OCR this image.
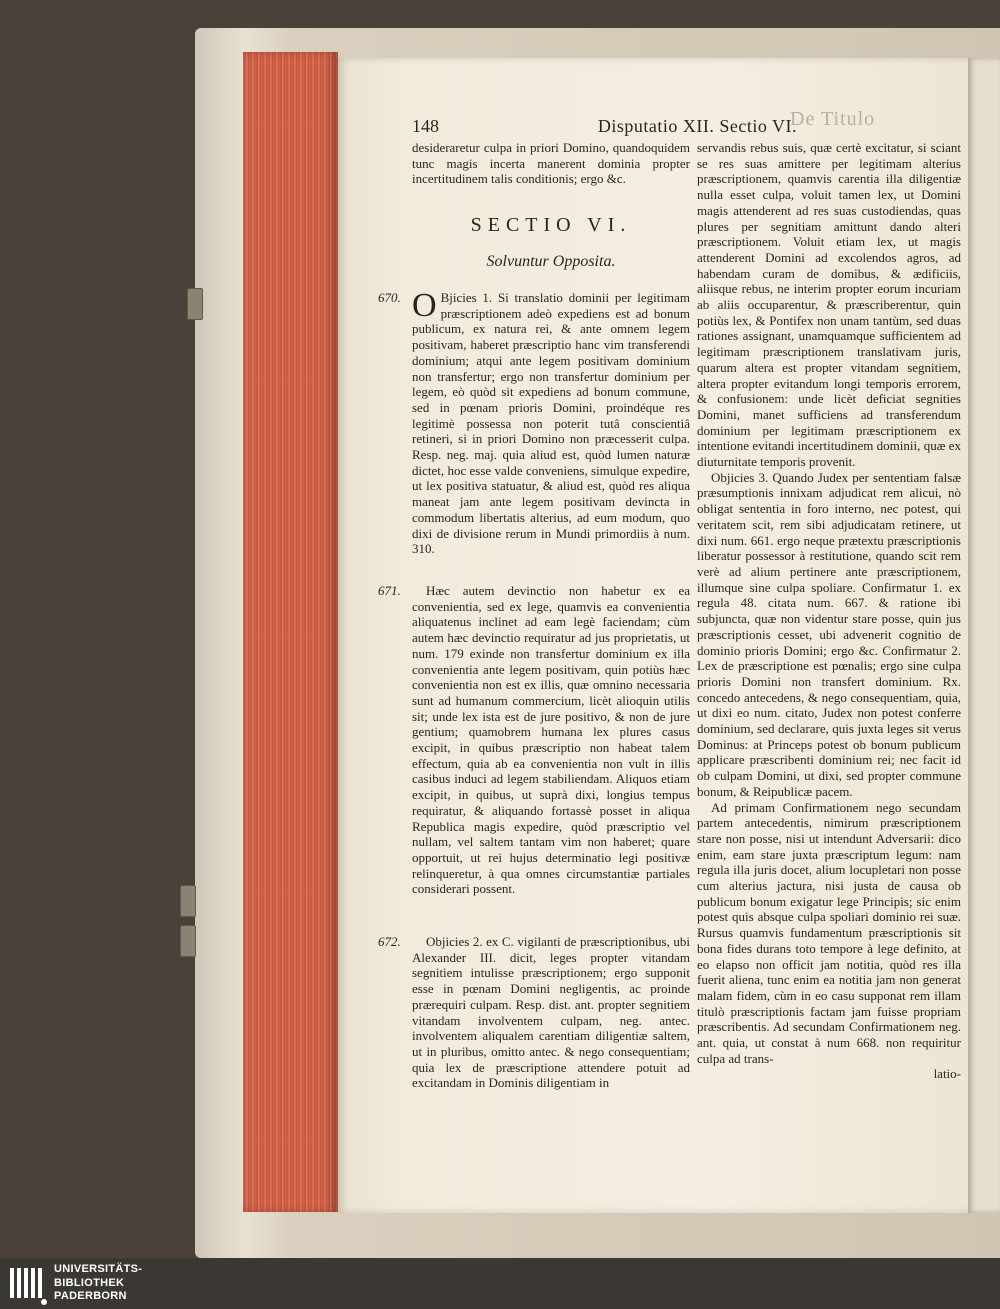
De Titulo
148	Disputatio XII. Sectio VI.

desideraretur culpa in priori Domino, quandoquidem tunc magis incerta manerent dominia propter incertitudinem talis conditionis; ergo &c.

SECTIO VI.
Solvuntur Opposita.
670. O Bjicies 1. Si translatio dominii per legitimam præscriptionem adeò expediens est ad bonum publicum, ex natura rei, & ante omnem legem positivam, haberet præscriptio hanc vim transferendi dominium; atqui ante legem positivam dominium non transfertur; ergo non transfertur dominium per legem, eò quòd sit expediens ad bonum commune, sed in pœnam prioris Domini, proindéque res legitimè possessa non poterit tutâ conscientiâ retineri, si in priori Domino non præcesserit culpa. Resp. neg. maj. quia aliud est, quòd lumen naturæ dictet, hoc esse valde conveniens, simulque expedire, ut lex positiva statuatur, & aliud est, quòd res aliqua maneat jam ante legem positivam devincta in commodum libertatis alterius, ad eum modum, quo dixi de divisione rerum in Mundi primordiis à num. 310.

671.	Hæc autem devinctio non habetur ex ea convenientia, sed ex lege, quamvis ea convenientia aliquatenus inclinet ad eam legè faciendam; cùm autem hæc devinctio requiratur ad jus proprietatis, ut num. 179 exinde non transfertur dominium ex illa convenientia ante legem positivam, quin potiùs hæc convenientia non est ex illis, quæ omnino necessaria sunt ad humanum commercium, licèt alioquin utilis sit; unde lex ista est de jure positivo, & non de jure gentium; quamobrem humana lex plures casus excipit, in quibus præscriptio non habeat talem effectum, quia ab ea convenientia non vult in illis casibus induci ad legem stabiliendam. Aliquos etiam excipit, in quibus, ut suprà dixi, longius tempus requiratur, & aliquando fortassè posset in aliqua Republica magis expedire, quòd præscriptio vel nullam, vel saltem tantam vim non haberet; quare opportuit, ut rei hujus determinatio legi positivæ relinqueretur, à qua omnes circumstantiæ partiales considerari possent.

672.	Objicies 2. ex C. vigilanti de præscriptionibus, ubi Alexander III. dicit, leges propter vitandam segnitiem intulisse præscriptionem; ergo supponit esse in pœnam Domini negligentis, ac proinde prærequiri culpam. Resp. dist. ant. propter segnitiem vitandam involventem culpam, neg. antec. involventem aliqualem carentiam diligentiæ saltem, ut in pluribus, omitto antec. & nego consequentiam; quia lex de præscriptione attendere potuit ad excitandam in Dominis diligentiam in

servandis rebus suis, quæ certè excitatur, si sciant se res suas amittere per legitimam alterius præscriptionem, quamvis carentia illa diligentiæ nulla esset culpa, voluit tamen lex, ut Domini magis attenderent ad res suas custodiendas, quas plures per segnitiam amittunt dando alteri præscriptionem. Voluit etiam lex, ut magis attenderent Domini ad excolendos agros, ad habendam curam de domibus, & ædificiis, aliisque rebus, ne interim propter eorum incuriam ab aliis occuparentur, & præscriberentur, quin potiùs lex, & Pontifex non unam tantùm, sed duas rationes assignant, unamquamque sufficientem ad legitimam præscriptionem translativam juris, quarum altera est propter vitandam segnitiem, altera propter evitandum longi temporis errorem, & confusionem: unde licèt deficiat segnities Domini, manet sufficiens ad transferendum dominium per legitimam præscriptionem ex intentione evitandi incertitudinem dominii, quæ ex diuturnitate temporis provenit.

Objicies 3. Quando Judex per sententiam falsæ præsumptionis innixam adjudicat rem alicui, nò obligat sententia in foro interno, nec potest, qui veritatem scit, rem sibi adjudicatam retinere, ut dixi num. 661. ergo neque prætextu præscriptionis liberatur possessor à restitutione, quando scit rem verè ad alium pertinere ante præscriptionem, illumque sine culpa spoliare. Confirmatur 1. ex regula 48. citata num. 667. & ratione ibi subjuncta, quæ non videntur stare posse, quin jus præscriptionis cesset, ubi advenerit cognitio de dominio prioris Domini; ergo &c. Confirmatur 2. Lex de præscriptione est pœnalis; ergo sine culpa prioris Domini non transfert dominium. Rx. concedo antecedens, & nego consequentiam, quia, ut dixi eo num. citato, Judex non potest conferre dominium, sed declarare, quis juxta leges sit verus Dominus: at Princeps potest ob bonum publicum applicare præscribenti dominium rei; nec facit id ob culpam Domini, ut dixi, sed propter commune bonum, & Reipublicæ pacem.

Ad primam Confirmationem nego secundam partem antecedentis, nimirum præscriptionem stare non posse, nisi ut intendunt Adversarii: dico enim, eam stare juxta præscriptum legum: nam regula illa juris docet, alium locupletari non posse cum alterius jactura, nisi justa de causa ob publicum bonum exigatur lege Principis; sic enim potest quis absque culpa spoliari dominio rei suæ. Rursus quamvis fundamentum præscriptionis sit bona fides durans toto tempore à lege definito, at eo elapso non officit jam notitia, quòd res illa fuerit aliena, tunc enim ea notitia jam non generat malam fidem, cùm in eo casu supponat rem illam titulò præscriptionis factam jam fuisse propriam præscribentis. Ad secundam Confirmationem neg. ant. quia, ut constat à num 668. non requiritur culpa ad trans-

latio-

UNIVERSITÄTS-
BIBLIOTHEK
PADERBORN
